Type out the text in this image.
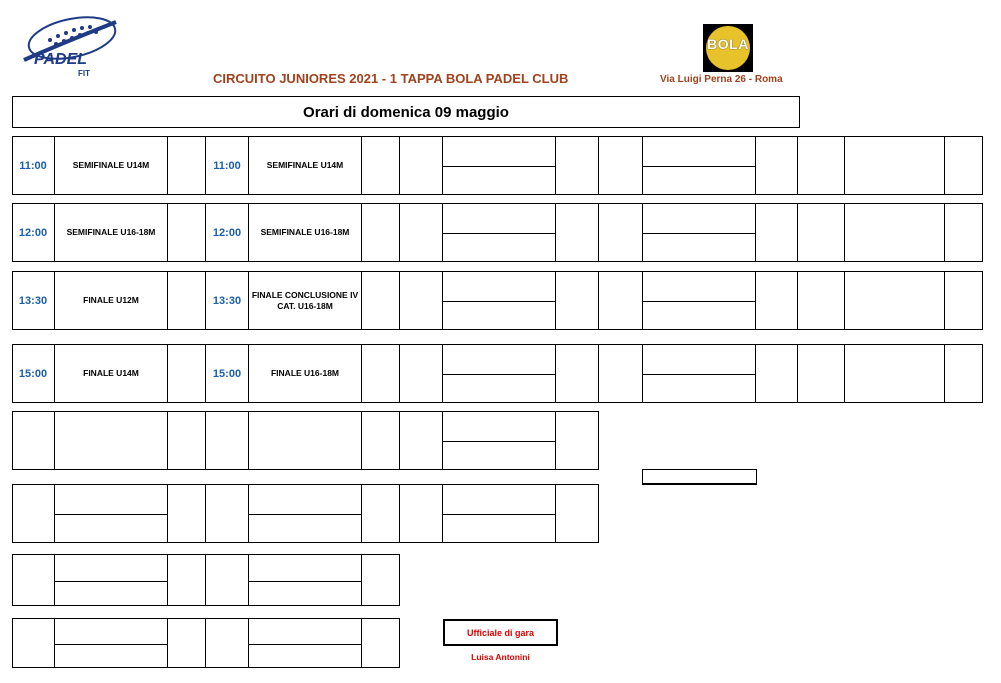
PADEL
FIT
BOLA
CIRCUITO JUNIORES 2021 - 1 TAPPA BOLA PADEL CLUB	Via Luigi Perna 26 - Roma
Orari di domenica 09 maggio
11:00	SEMIFINALE U14M	11:00	SEMIFINALE U14M
12:00	SEMIFINALE U16-18M	12:00	SEMIFINALE U16-18M
13:30	FINALE U12M	13:30	FINALE CONCLUSIONE IV CAT. U16-18M
15:00	FINALE U14M	15:00	FINALE U16-18M
Ufficiale di gara
Luisa Antonini
